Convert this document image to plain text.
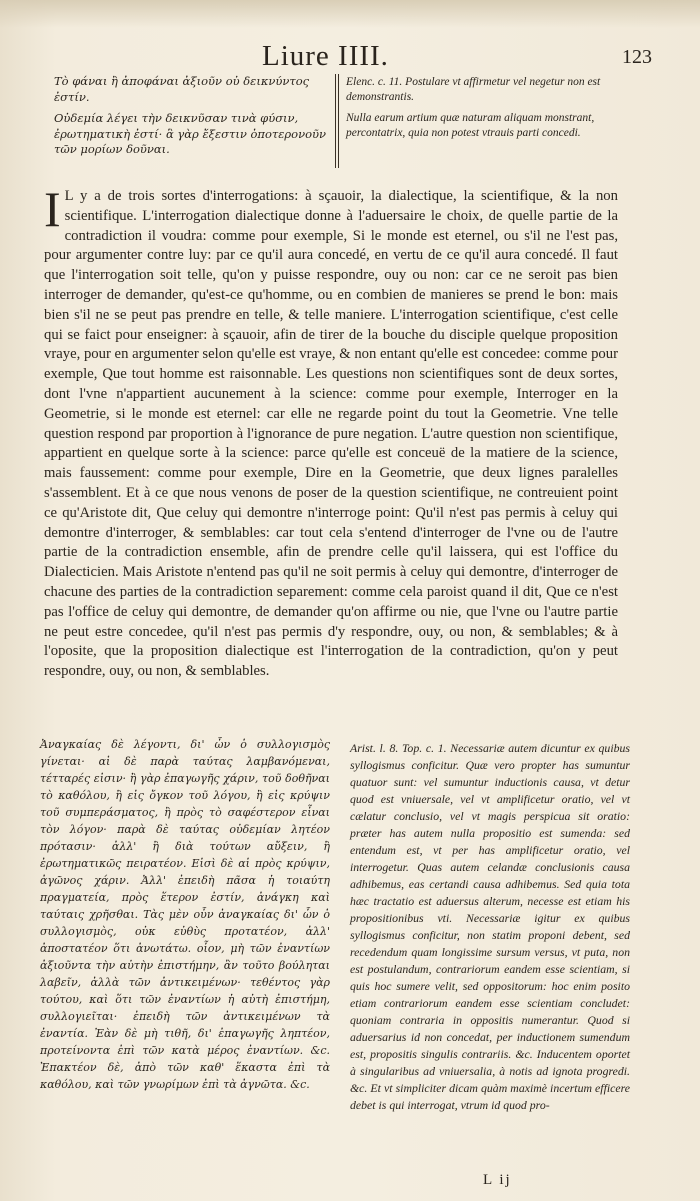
Liure IIII.	123

Τὸ φάναι ἢ ἀποφάναι ἀξιοῦν οὐ δεικνύντος ἐστίν.

Οὐδεμία λέγει τὴν δεικνῦσαν τινὰ φύσιν, ἐρωτηματικὴ ἐστί· ἃ γὰρ ἔξεστιν ὁποτερονοῦν τῶν μορίων δοῦναι.

Elenc. c. 11. Postulare vt affirmetur vel negetur non est demonstrantis.

Nulla earum artium quæ naturam aliquam monstrant, percontatrix, quia non potest vtrauis parti concedi.

I L y a de trois sortes d'interrogations: à sçauoir, la dialectique, la scientifique, & la non scientifique. L'interrogation dialectique donne à l'aduersaire le choix, de quelle partie de la contradiction il voudra: comme pour exemple, Si le monde est eternel, ou s'il ne l'est pas, pour argumenter contre luy: par ce qu'il aura concedé, en vertu de ce qu'il aura concedé. Il faut que l'interrogation soit telle, qu'on y puisse respondre, ouy ou non: car ce ne seroit pas bien interroger de demander, qu'est-ce qu'homme, ou en combien de manieres se prend le bon: mais bien s'il ne se peut pas prendre en telle, & telle maniere. L'interrogation scientifique, c'est celle qui se faict pour enseigner: à sçauoir, afin de tirer de la bouche du disciple quelque proposition vraye, pour en argumenter selon qu'elle est vraye, & non entant qu'elle est concedee: comme pour exemple, Que tout homme est raisonnable. Les questions non scientifiques sont de deux sortes, dont l'vne n'appartient aucunement à la science: comme pour exemple, Interroger en la Geometrie, si le monde est eternel: car elle ne regarde point du tout la Geometrie. Vne telle question respond par proportion à l'ignorance de pure negation. L'autre question non scientifique, appartient en quelque sorte à la science: parce qu'elle est conceuë de la matiere de la science, mais faussement: comme pour exemple, Dire en la Geometrie, que deux lignes paralelles s'assemblent. Et à ce que nous venons de poser de la question scientifique, ne contreuient point ce qu'Aristote dit, Que celuy qui demontre n'interroge point: Qu'il n'est pas permis à celuy qui demontre d'interroger, & semblables: car tout cela s'entend d'interroger de l'vne ou de l'autre partie de la contradiction ensemble, afin de prendre celle qu'il laissera, qui est l'office du Dialecticien. Mais Aristote n'entend pas qu'il ne soit permis à celuy qui demontre, d'interroger de chacune des parties de la contradiction separement: comme cela paroist quand il dit, Que ce n'est pas l'office de celuy qui demontre, de demander qu'on affirme ou nie, que l'vne ou l'autre partie ne peut estre concedee, qu'il n'est pas permis d'y respondre, ouy, ou non, & semblables; & à l'oposite, que la proposition dialectique est l'interrogation de la contradiction, qu'on y peut respondre, ouy, ou non, & semblables.
Ἀναγκαίας δὲ λέγοντι, δι' ὧν ὁ συλλογισμὸς γίνεται· αἱ δὲ παρὰ ταύτας λαμβανόμεναι, τέτταρές εἰσιν· ἢ γὰρ ἐπαγωγῆς χάριν, τοῦ δοθῆναι τὸ καθόλου, ἢ εἰς ὄγκον τοῦ λόγου, ἢ εἰς κρύψιν τοῦ συμπεράσματος, ἢ πρὸς τὸ σαφέστερον εἶναι τὸν λόγον· παρὰ δὲ ταύτας οὐδεμίαν λητέον πρότασιν· ἀλλ' ἢ διὰ τούτων αὔξειν, ἢ ἐρωτηματικῶς πειρατέον. Εἰσὶ δὲ αἱ πρὸς κρύψιν, ἀγῶνος χάριν. Ἀλλ' ἐπειδὴ πᾶσα ἡ τοιαύτη πραγματεία, πρὸς ἕτερον ἐστίν, ἀνάγκη καὶ ταύταις χρῆσθαι. Τὰς μὲν οὖν ἀναγκαίας δι' ὧν ὁ συλλογισμὸς, οὐκ εὐθὺς προτατέον, ἀλλ' ἀποστατέον ὅτι ἀνωτάτω. οἷον, μὴ τῶν ἐναντίων ἀξιοῦντα τὴν αὐτὴν ἐπιστήμην, ἂν τοῦτο βούληται λαβεῖν, ἀλλὰ τῶν ἀντικειμένων· τεθέντος γὰρ τούτου, καὶ ὅτι τῶν ἐναντίων ἡ αὐτὴ ἐπιστήμη, συλλογιεῖται· ἐπειδὴ τῶν ἀντικειμένων τὰ ἐναντία. Ἐὰν δὲ μὴ τιθῆ, δι' ἐπαγωγῆς ληπτέον, προτείνοντα ἐπὶ τῶν κατὰ μέρος ἐναντίων. &c. Ἐπακτέον δὲ, ἀπὸ τῶν καθ' ἕκαστα ἐπὶ τὰ καθόλου, καὶ τῶν γνωρίμων ἐπὶ τὰ ἀγνῶτα. &c.
Arist. l. 8. Top. c. 1. Necessariæ autem dicuntur ex quibus syllogismus conficitur. Quæ vero propter has sumuntur quatuor sunt: vel sumuntur inductionis causa, vt detur quod est vniuersale, vel vt amplificetur oratio, vel vt cælatur conclusio, vel vt magis perspicua sit oratio: præter has autem nulla propositio est sumenda: sed entendum est, vt per has amplificetur oratio, vel interrogetur. Quas autem celandæ conclusionis causa adhibemus, eas certandi causa adhibemus. Sed quia tota hæc tractatio est aduersus alterum, necesse est etiam his propositionibus vti. Necessariæ igitur ex quibus syllogismus conficitur, non statim proponi debent, sed recedendum quam longissime sursum versus, vt puta, non est postulandum, contrariorum eandem esse scientiam, si quis hoc sumere velit, sed oppositorum: hoc enim posito etiam contrariorum eandem esse scientiam concludet: quoniam contraria in oppositis numerantur. Quod si aduersarius id non concedat, per inductionem sumendum est, propositis singulis contrariis. &c. Inducentem oportet à singularibus ad vniuersalia, à notis ad ignota progredi. &c. Et vt simpliciter dicam quàm maximè incertum efficere debet is qui interrogat, vtrum id quod pro-
L ij
